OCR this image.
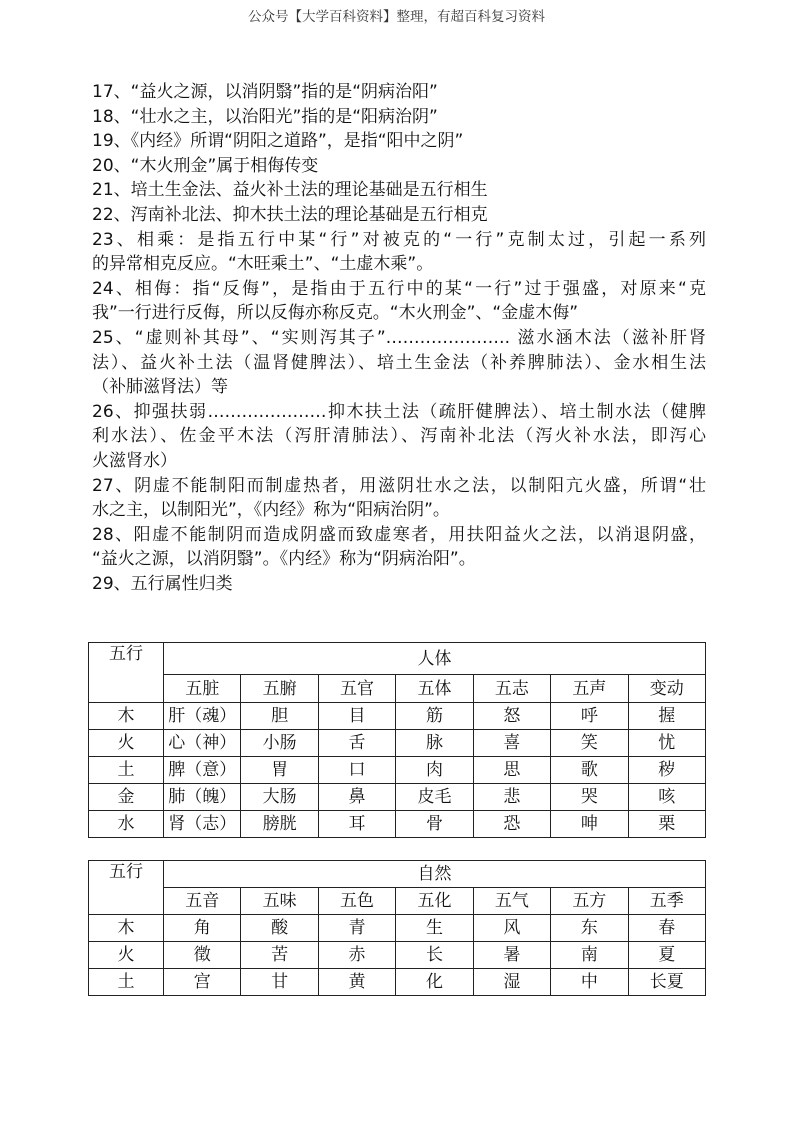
公众号【大学百科资料】整理，有超百科复习资料
17、“益火之源，以消阴翳”指的是“阴病治阳”
18、“壮水之主，以治阳光”指的是“阳病治阴”
19、《内经》所谓“阴阳之道路”，是指“阳中之阴”
20、“木火刑金”属于相侮传变
21、培土生金法、益火补土法的理论基础是五行相生
22、泻南补北法、抑木扶土法的理论基础是五行相克
23、相乘：是指五行中某“行”对被克的“一行”克制太过，引起一系列
的异常相克反应。“木旺乘土”、“土虚木乘”。
24、相侮：指“反侮”，是指由于五行中的某“一行”过于强盛，对原来“克
我”一行进行反侮，所以反侮亦称反克。“木火刑金”、“金虚木侮”
25、“虚则补其母”、“实则泻其子”…………………. 滋水涵木法（滋补肝肾
法）、益火补土法（温肾健脾法）、培土生金法（补养脾肺法）、金水相生法
（补肺滋肾法）等
26、抑强扶弱…………………抑木扶土法（疏肝健脾法）、培土制水法（健脾
利水法）、佐金平木法（泻肝清肺法）、泻南补北法（泻火补水法，即泻心
火滋肾水）
27、阴虚不能制阳而制虚热者，用滋阴壮水之法，以制阳亢火盛，所谓“壮
水之主，以制阳光”，《内经》称为“阳病治阴”。
28、阳虚不能制阴而造成阴盛而致虚寒者，用扶阳益火之法，以消退阴盛，
“益火之源，以消阴翳”。《内经》称为“阴病治阳”。
29、五行属性归类
五行	人体						
	五脏	五腑	五官	五体	五志	五声	变动
木	肝（魂）	胆	目	筋	怒	呼	握
火	心（神）	小肠	舌	脉	喜	笑	忧
土	脾（意）	胃	口	肉	思	歌	秽
金	肺（魄）	大肠	鼻	皮毛	悲	哭	咳
水	肾（志）	膀胱	耳	骨	恐	呻	栗
五行	自然						
	五音	五味	五色	五化	五气	五方	五季
木	角	酸	青	生	风	东	春
火	徵	苦	赤	长	暑	南	夏
土	宫	甘	黄	化	湿	中	长夏
